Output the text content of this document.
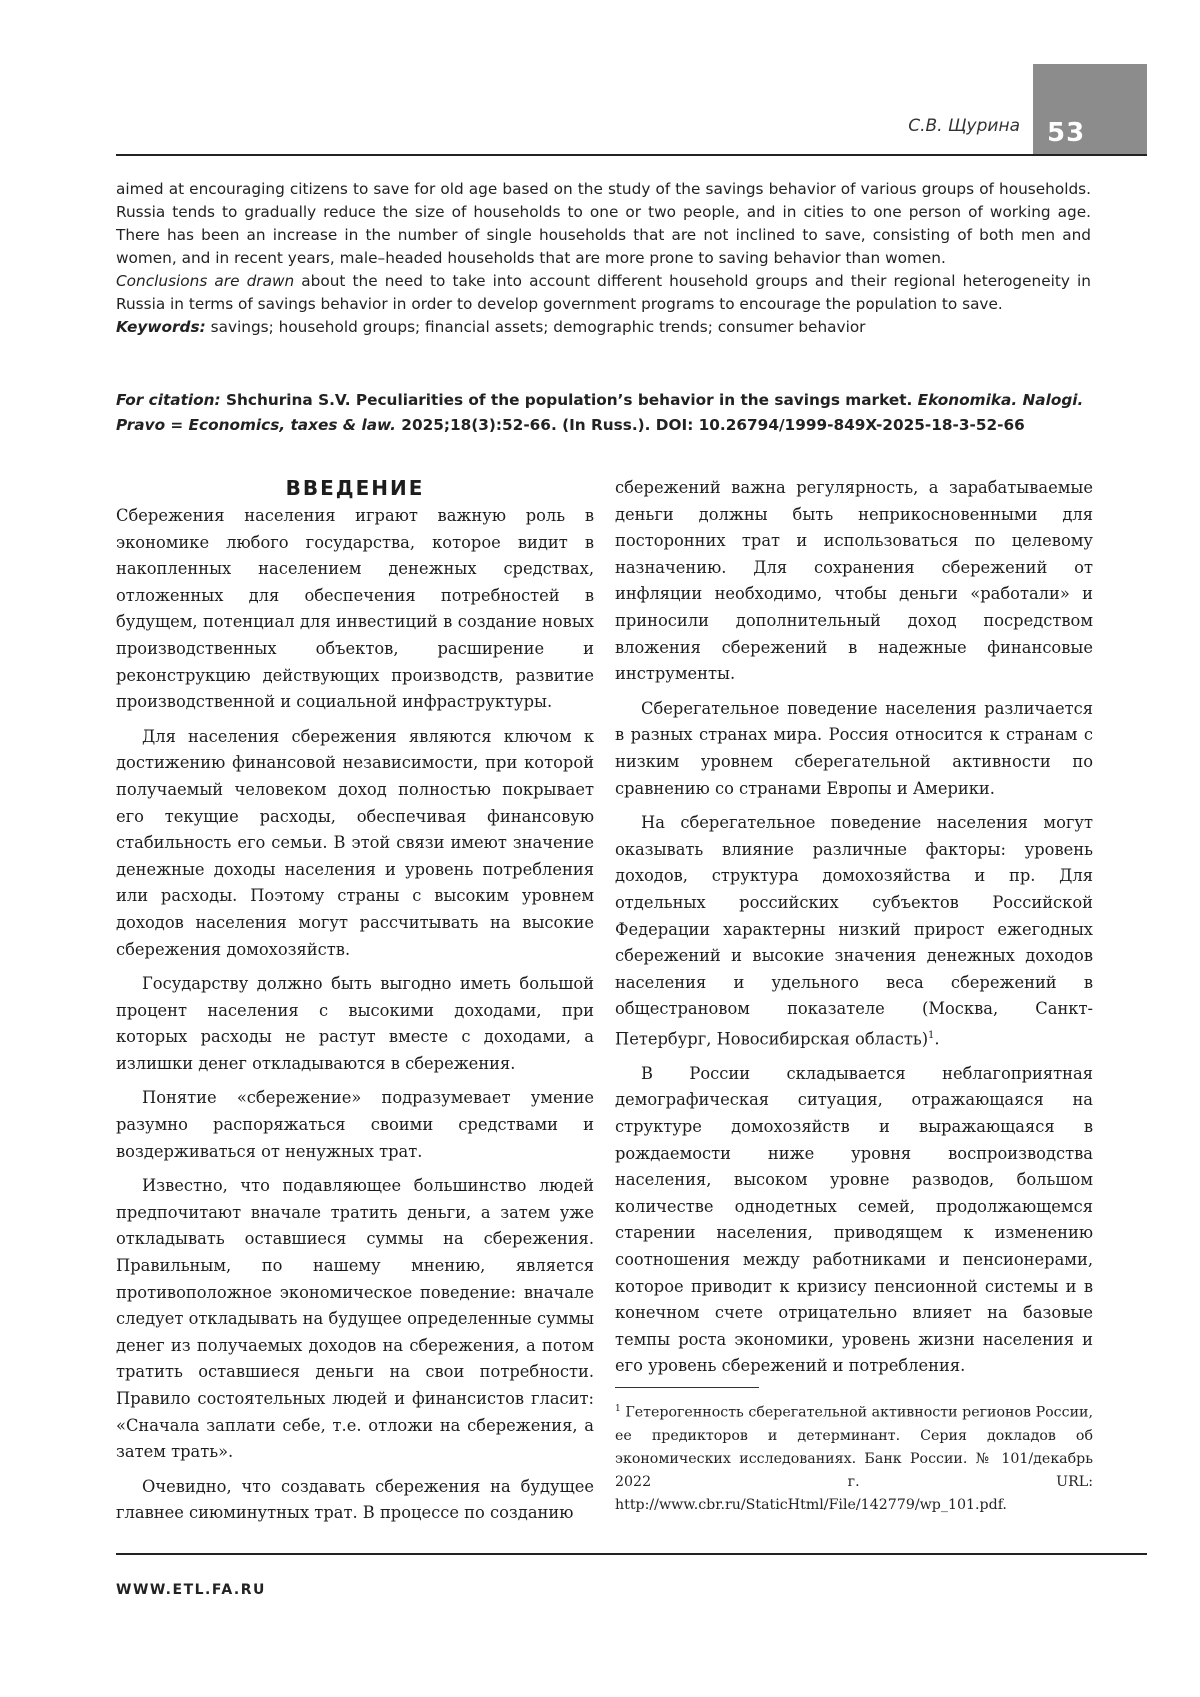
С.В. Щурина 53

aimed at encouraging citizens to save for old age based on the study of the savings behavior of various groups of households. Russia tends to gradually reduce the size of households to one or two people, and in cities to one person of working age. There has been an increase in the number of single households that are not inclined to save, consisting of both men and women, and in recent years, male–headed households that are more prone to saving behavior than women.

Conclusions are drawn about the need to take into account different household groups and their regional heterogeneity in Russia in terms of savings behavior in order to develop government programs to encourage the population to save.

Keywords: savings; household groups; financial assets; demographic trends; consumer behavior

For citation: Shchurina S.V. Peculiarities of the population’s behavior in the savings market. Ekonomika. Nalogi. Pravo = Economics, taxes & law. 2025;18(3):52-66. (In Russ.). DOI: 10.26794/1999-849X-2025-18-3-52-66
ВВЕДЕНИЕ

Сбережения населения играют важную роль в экономике любого государства, которое видит в накопленных населением денежных средствах, отложенных для обеспечения потребностей в будущем, потенциал для инвестиций в создание новых производственных объектов, расширение и реконструкцию действующих производств, развитие производственной и социальной инфраструктуры.

Для населения сбережения являются ключом к достижению финансовой независимости, при которой получаемый человеком доход полностью покрывает его текущие расходы, обеспечивая финансовую стабильность его семьи. В этой связи имеют значение денежные доходы населения и уровень потребления или расходы. Поэтому страны с высоким уровнем доходов населения могут рассчитывать на высокие сбережения домохозяйств.

Государству должно быть выгодно иметь большой процент населения с высокими доходами, при которых расходы не растут вместе с доходами, а излишки денег откладываются в сбережения.

Понятие «сбережение» подразумевает умение разумно распоряжаться своими средствами и воздерживаться от ненужных трат.

Известно, что подавляющее большинство людей предпочитают вначале тратить деньги, а затем уже откладывать оставшиеся суммы на сбережения. Правильным, по нашему мнению, является противоположное экономическое поведение: вначале следует откладывать на будущее определенные суммы денег из получаемых доходов на сбережения, а потом тратить оставшиеся деньги на свои потребности. Правило состоятельных людей и финансистов гласит: «Сначала заплати себе, т.е. отложи на сбережения, а затем трать».

Очевидно, что создавать сбережения на будущее главнее сиюминутных трат. В процессе по созданию

сбережений важна регулярность, а зарабатываемые деньги должны быть неприкосновенными для посторонних трат и использоваться по целевому назначению. Для сохранения сбережений от инфляции необходимо, чтобы деньги «работали» и приносили дополнительный доход посредством вложения сбережений в надежные финансовые инструменты.

Сберегательное поведение населения различается в разных странах мира. Россия относится к странам с низким уровнем сберегательной активности по сравнению со странами Европы и Америки.

На сберегательное поведение населения могут оказывать влияние различные факторы: уровень доходов, структура домохозяйства и пр. Для отдельных российских субъектов Российской Федерации характерны низкий прирост ежегодных сбережений и высокие значения денежных доходов населения и удельного веса сбережений в общестрановом показателе (Москва, Санкт-Петербург, Новосибирская область)$^1$.

В России складывается неблагоприятная демографическая ситуация, отражающаяся на структуре домохозяйств и выражающаяся в рождаемости ниже уровня воспроизводства населения, высоком уровне разводов, большом количестве однодетных семей, продолжающемся старении населения, приводящем к изменению соотношения между работниками и пенсионерами, которое приводит к кризису пенсионной системы и в конечном счете отрицательно влияет на базовые темпы роста экономики, уровень жизни населения и его уровень сбережений и потребления.

$^1$ Гетерогенность сберегательной активности регионов России, ее предикторов и детерминант. Серия докладов об экономических исследованиях. Банк России. № 101/декабрь 2022 г. URL: http://www.cbr.ru/StaticHtml/File/142779/wp_101.pdf.
WWW.ETL.FA.RU
